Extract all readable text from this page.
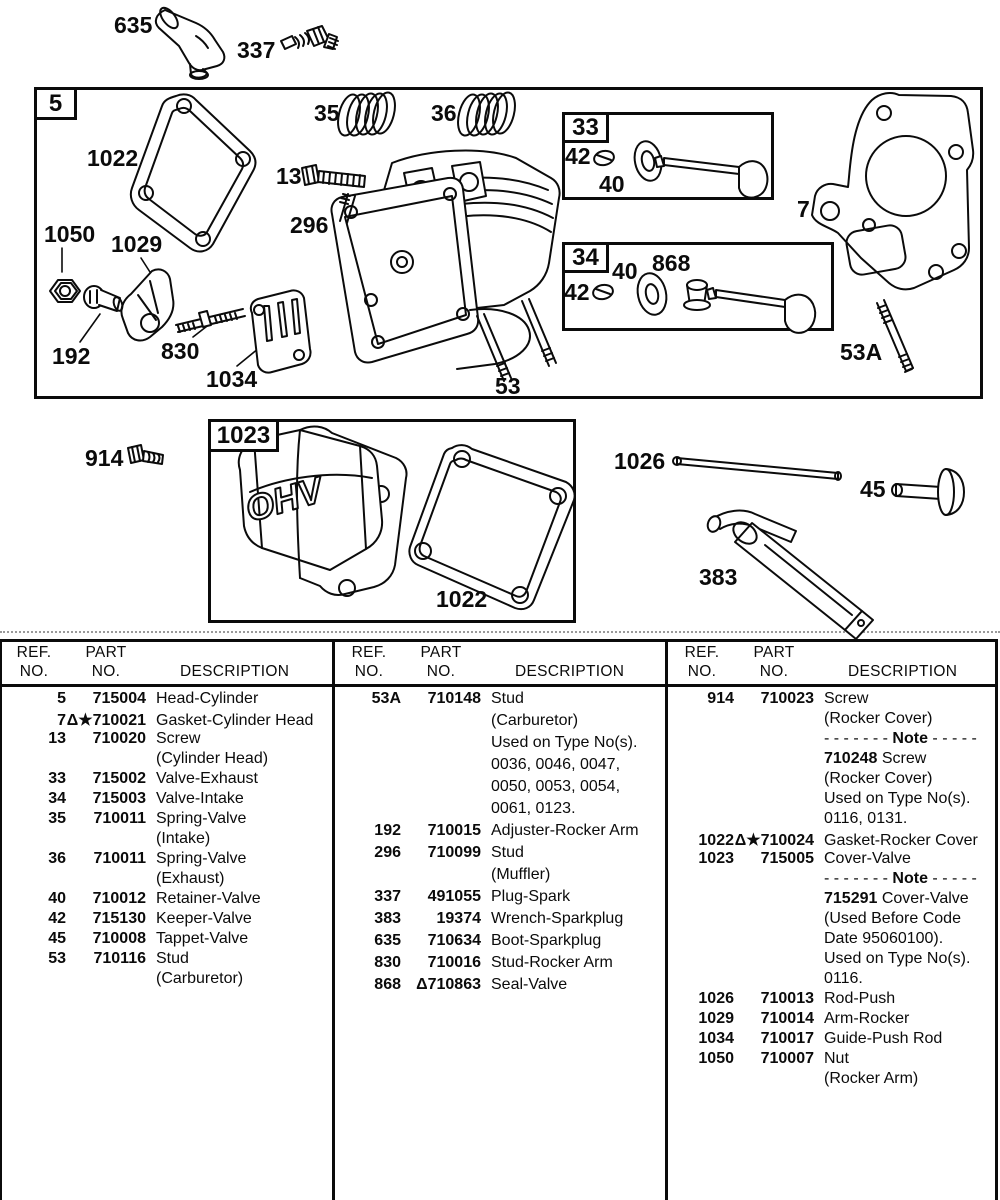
5
33
34
1023
OHV
635
337
1022
35	36
13
296
1050 1029
192	830
1034	53
42
40
7
42
40 868
53A
914
1022
1026
45
383
REF.	PART
NO.	NO.	DESCRIPTION
5	715004 Head-Cylinder
7 Δ★710021 Gasket-Cylinder Head
13	710020 Screw
(Cylinder Head)
33	715002 Valve-Exhaust
34	715003 Valve-Intake
35	710011 Spring-Valve
(Intake)
36	710011 Spring-Valve
(Exhaust)
40	710012 Retainer-Valve
42	715130 Keeper-Valve
45	710008 Tappet-Valve
53	710116 Stud
(Carburetor)
REF.	PART
NO.	NO.	DESCRIPTION
53A	710148 Stud
(Carburetor)
Used on Type No(s).
0036, 0046, 0047,
0050, 0053, 0054,
0061, 0123.
192	710015 Adjuster-Rocker Arm
296	710099 Stud
(Muffler)
337	491055 Plug-Spark
383	19374 Wrench-Sparkplug
635	710634 Boot-Sparkplug
830	710016 Stud-Rocker Arm
868 Δ710863 Seal-Valve
REF.	PART
NO.	NO.	DESCRIPTION
914	710023 Screw
(Rocker Cover)
- - - - - - - Note - - - - -
710248 Screw
(Rocker Cover)
Used on Type No(s).
0116, 0131.
1022 Δ★710024 Gasket-Rocker Cover
1023	715005 Cover-Valve
- - - - - - - Note - - - - -
715291 Cover-Valve
(Used Before Code
Date 95060100).
Used on Type No(s).
0116.
1026	710013 Rod-Push
1029	710014 Arm-Rocker
1034	710017 Guide-Push Rod
1050	710007 Nut
(Rocker Arm)
